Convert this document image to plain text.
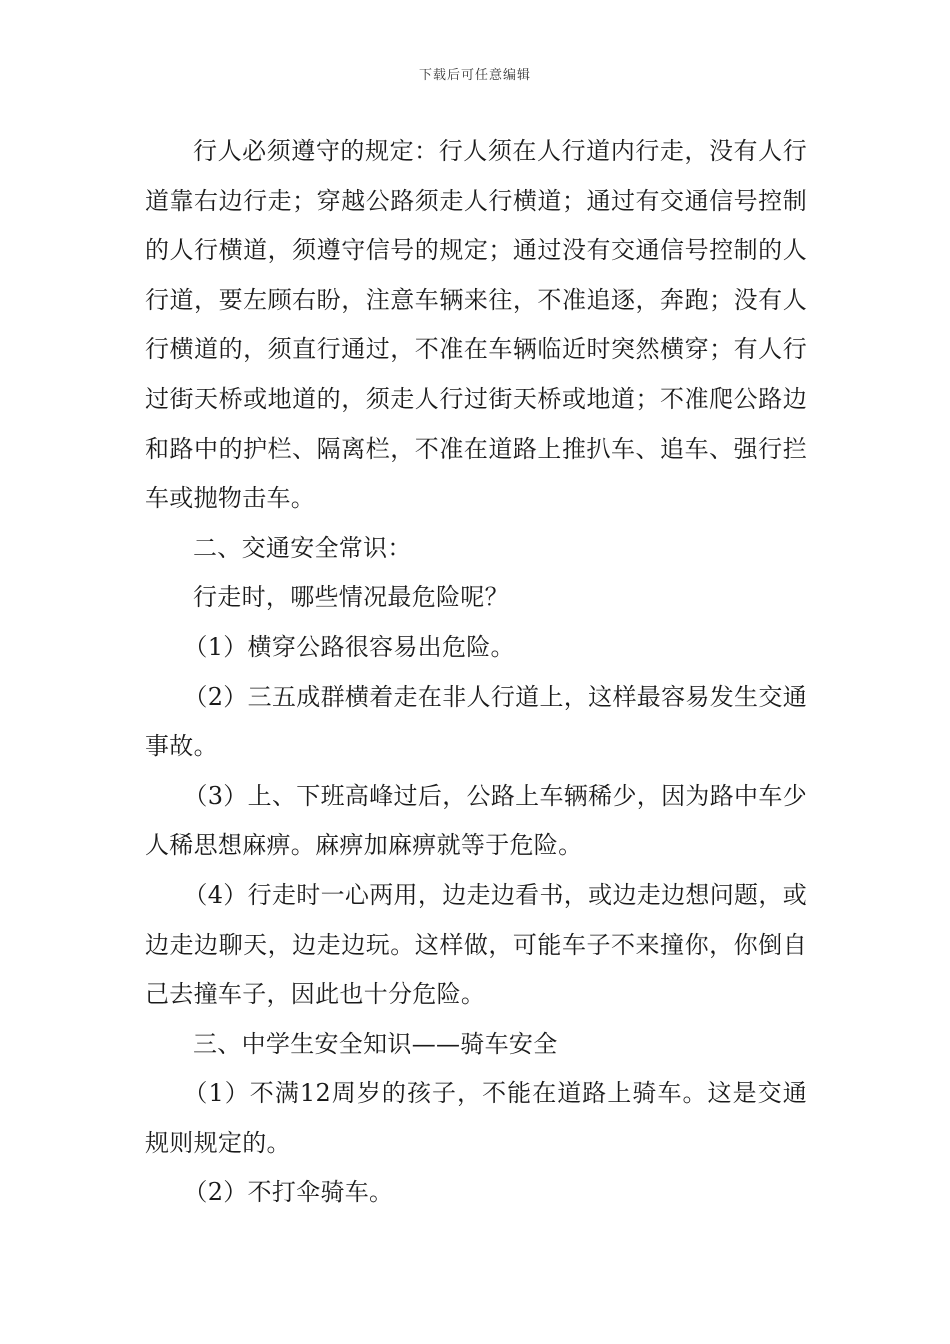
下载后可任意编辑

行人必须遵守的规定：行人须在人行道内行走，没有人行道靠右边行走；穿越公路须走人行横道；通过有交通信号控制的人行横道，须遵守信号的规定；通过没有交通信号控制的人行道，要左顾右盼，注意车辆来往，不准追逐，奔跑；没有人行横道的，须直行通过，不准在车辆临近时突然横穿；有人行过街天桥或地道的，须走人行过街天桥或地道；不准爬公路边和路中的护栏、隔离栏，不准在道路上推扒车、追车、强行拦车或抛物击车。

二、交通安全常识：

行走时，哪些情况最危险呢？

（1）横穿公路很容易出危险。

（2）三五成群横着走在非人行道上，这样最容易发生交通事故。

（3）上、下班高峰过后，公路上车辆稀少，因为路中车少人稀思想麻痹。麻痹加麻痹就等于危险。

（4）行走时一心两用，边走边看书，或边走边想问题，或边走边聊天，边走边玩。这样做，可能车子不来撞你，你倒自己去撞车子，因此也十分危险。

三、中学生安全知识——骑车安全

（1）不满12周岁的孩子，不能在道路上骑车。这是交通规则规定的。

（2）不打伞骑车。
